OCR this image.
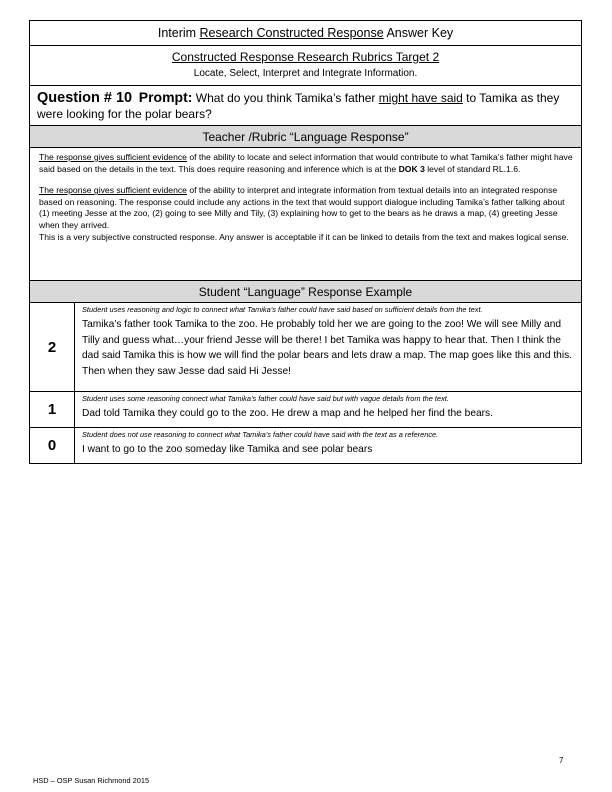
Interim Research Constructed Response Answer Key
Constructed Response Research Rubrics Target 2
Locate, Select, Interpret and Integrate Information.
Question # 10 Prompt: What do you think Tamika’s father might have said to Tamika as they were looking for the polar bears?
Teacher /Rubric “Language Response”

The response gives sufficient evidence of the ability to locate and select information that would contribute to what Tamika’s father might have said based on the details in the text. This does require reasoning and inference which is at the DOK 3 level of standard RL.1.6.

The response gives sufficient evidence of the ability to interpret and integrate information from textual details into an integrated response based on reasoning. The response could include any actions in the text that would support dialogue including Tamika’s father talking about (1) meeting Jesse at the zoo, (2) going to see Milly and Tily, (3) explaining how to get to the bears as he draws a map, (4) greeting Jesse when they arrived.

This is a very subjective constructed response. Any answer is acceptable if it can be linked to details from the text and makes logical sense.

Student “Language” Response Example
2
Student uses reasoning and logic to connect what Tamika’s father could have said based on sufficient details from the text.
Tamika’s father took Tamika to the zoo. He probably told her we are going to the zoo! We will see Milly and Tilly and guess what…your friend Jesse will be there! I bet Tamika was happy to hear that. Then I think the dad said Tamika this is how we will find the polar bears and lets draw a map. The map goes like this and this. Then when they saw Jesse dad said Hi Jesse!
1
Student uses some reasoning connect what Tamika’s father could have said but with vague details from the text.
Dad told Tamika they could go to the zoo. He drew a map and he helped her find the bears.
0
Student does not use reasoning to connect what Tamika’s father could have said with the text as a reference.
I want to go to the zoo someday like Tamika and see polar bears
7
HSD – OSP Susan Richmond 2015
